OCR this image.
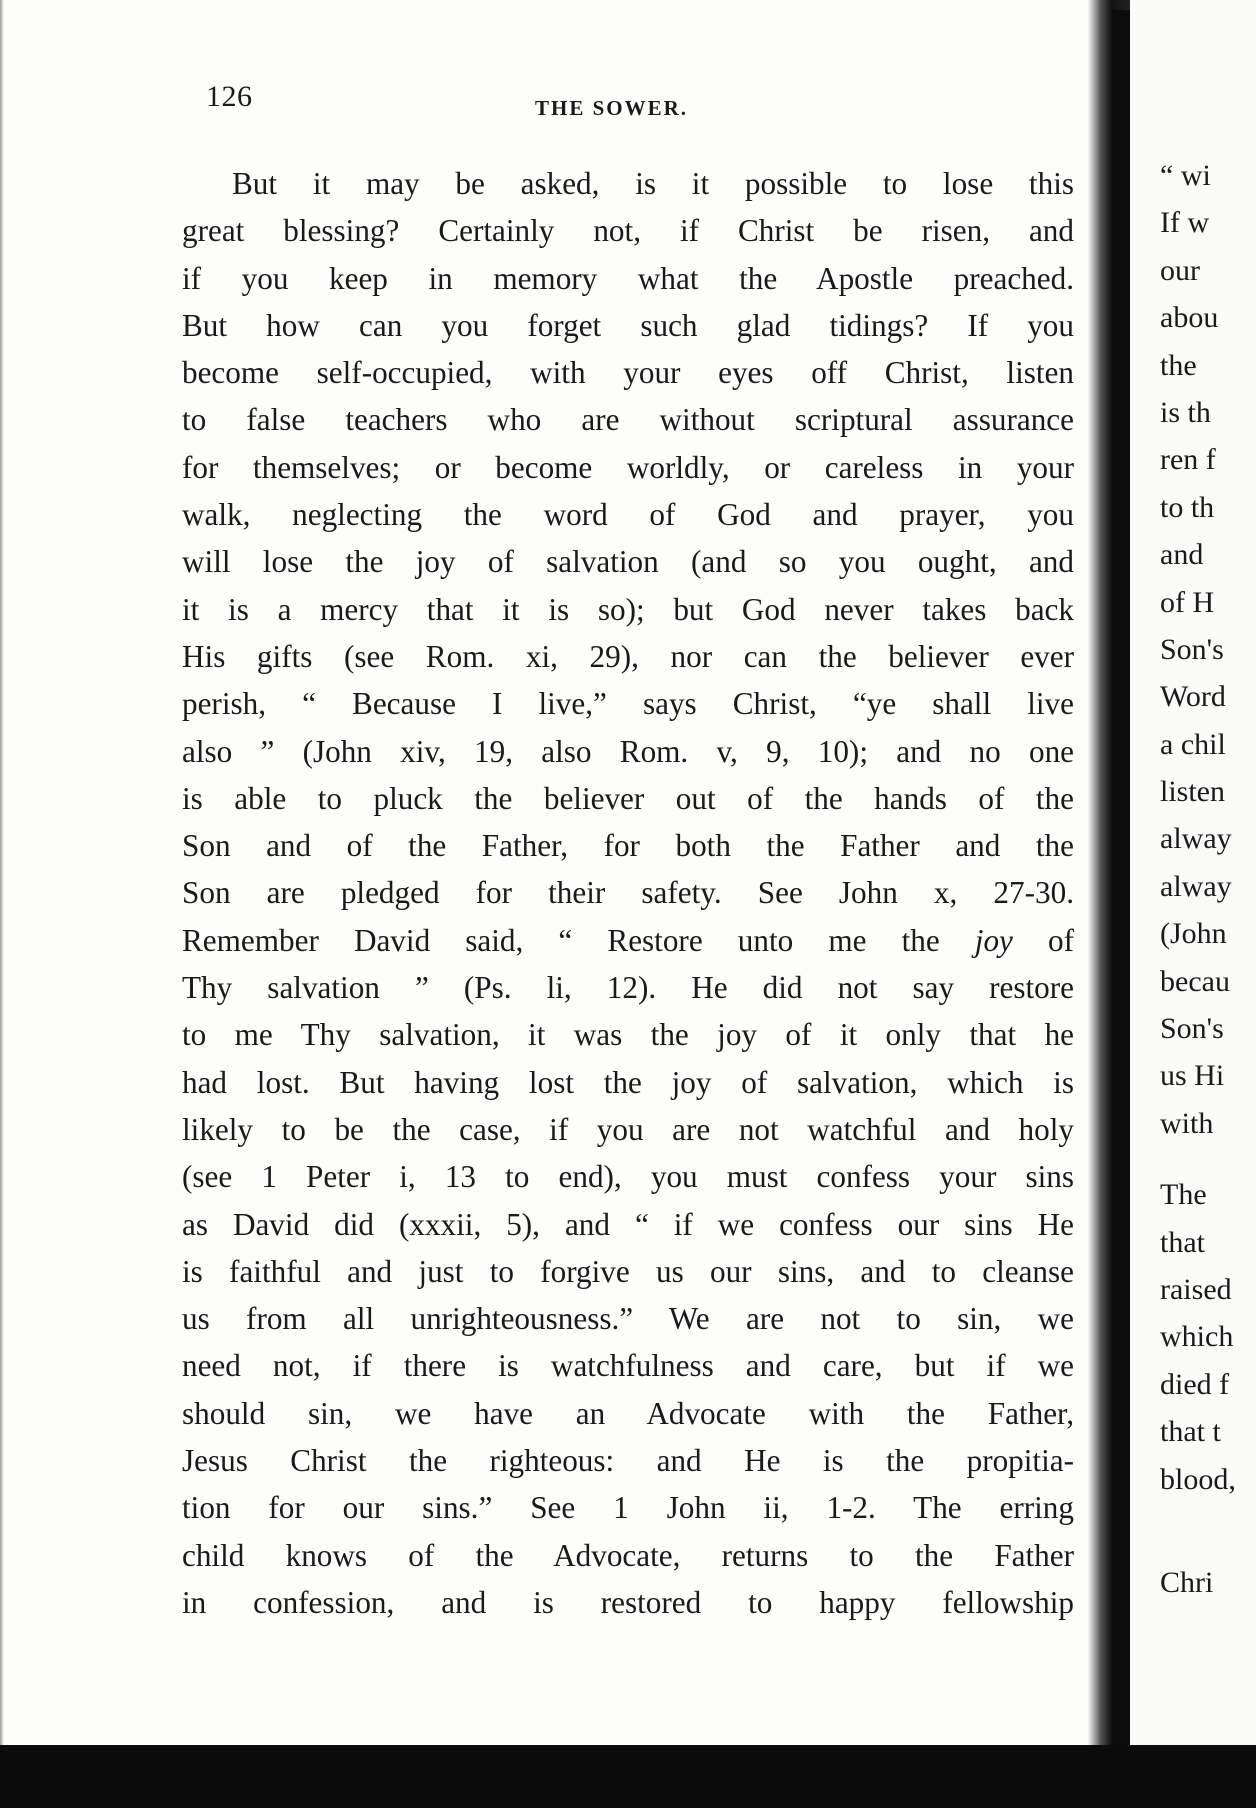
126	THE SOWER.
But it may be asked, is it possible to lose this
great blessing? Certainly not, if Christ be risen, and
if you keep in memory what the Apostle preached.
But how can you forget such glad tidings? If you
become self-occupied, with your eyes off Christ, listen
to false teachers who are without scriptural assurance
for themselves; or become worldly, or careless in your
walk, neglecting the word of God and prayer, you
will lose the joy of salvation (and so you ought, and
it is a mercy that it is so); but God never takes back
His gifts (see Rom. xi, 29), nor can the believer ever
perish, “ Because I live,” says Christ, “ye shall live
also ” (John xiv, 19, also Rom. v, 9, 10); and no one
is able to pluck the believer out of the hands of the
Son and of the Father, for both the Father and the
Son are pledged for their safety. See John x, 27-30.
Remember David said, “ Restore unto me the joy of
Thy salvation ” (Ps. li, 12). He did not say restore
to me Thy salvation, it was the joy of it only that he
had lost. But having lost the joy of salvation, which is
likely to be the case, if you are not watchful and holy
(see 1 Peter i, 13 to end), you must confess your sins
as David did (xxxii, 5), and “ if we confess our sins He
is faithful and just to forgive us our sins, and to cleanse
us from all unrighteousness.” We are not to sin, we
need not, if there is watchfulness and care, but if we
should sin, we have an Advocate with the Father,
Jesus Christ the righteous: and He is the propitia-
tion for our sins.” See 1 John ii, 1-2. The erring
child knows of the Advocate, returns to the Father
in confession, and is restored to happy fellowship
“ wi
If w
our
abou
the
is th
ren f
to th
and
of H
Son's
Word
a chil
listen
alway
alway
(John
becau
Son's
us Hi
with
The
that
raised
which
died f
that t
blood,
Chri
